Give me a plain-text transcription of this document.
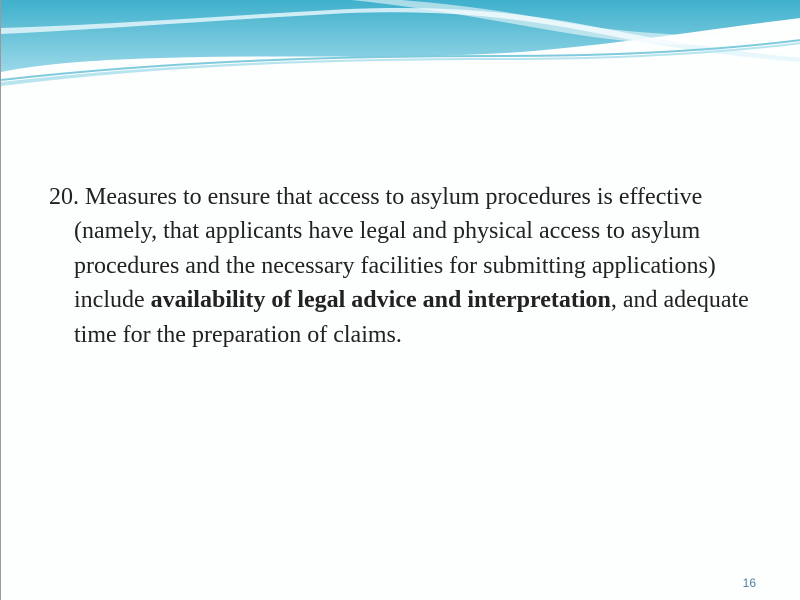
20. Measures to ensure that access to asylum procedures is effective (namely, that applicants have legal and physical access to asylum procedures and the necessary facilities for submitting applications) include availability of legal advice and interpretation, and adequate time for the preparation of claims.
16
